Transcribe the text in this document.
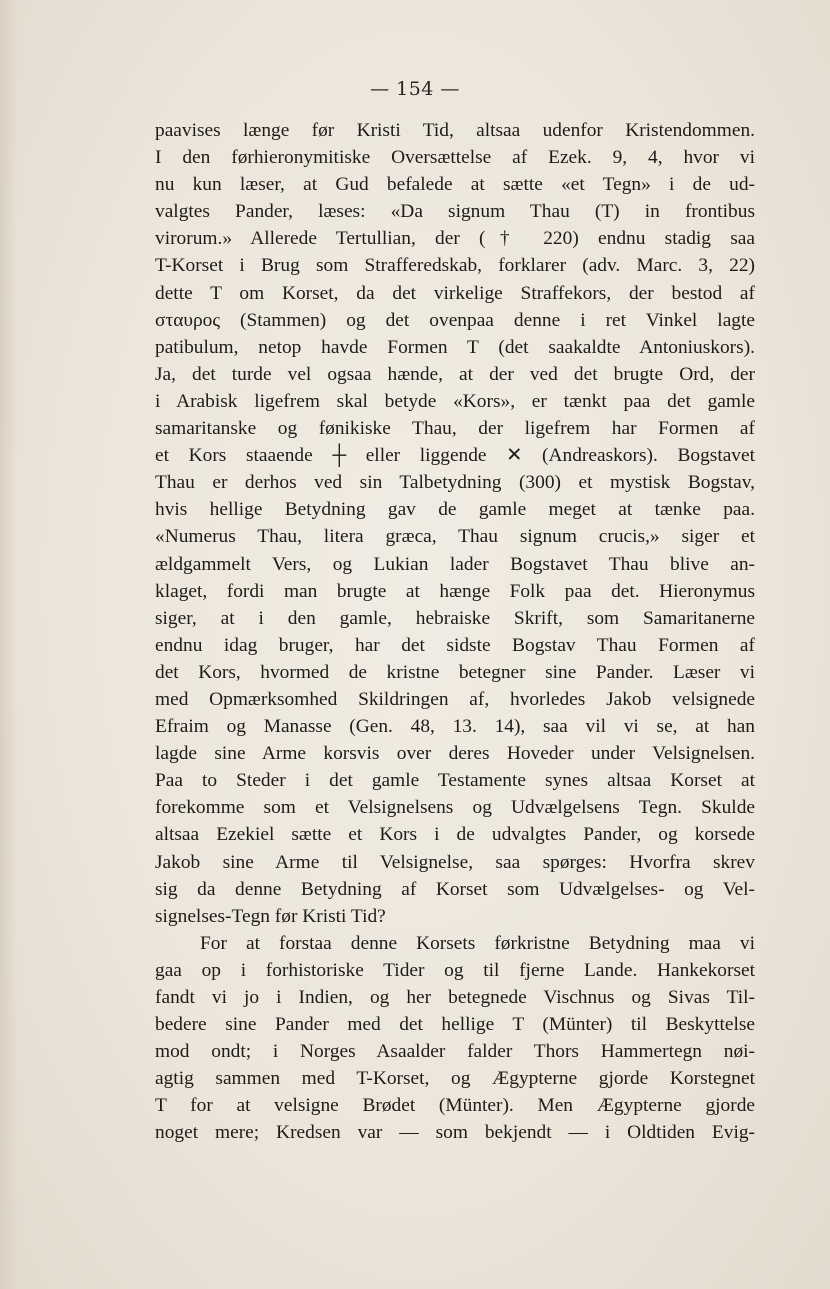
— 154 —
paavises længe før Kristi Tid, altsaa udenfor Kristendommen.
I den førhieronymitiske Oversættelse af Ezek. 9, 4, hvor vi
nu kun læser, at Gud befalede at sætte «et Tegn» i de ud-
valgtes Pander, læses: «Da signum Thau (T) in frontibus
virorum.» Allerede Tertullian, der († 220) endnu stadig saa
T-Korset i Brug som Strafferedskab, forklarer (adv. Marc. 3, 22)
dette T om Korset, da det virkelige Straffekors, der bestod af
σταυρος (Stammen) og det ovenpaa denne i ret Vinkel lagte
patibulum, netop havde Formen T (det saakaldte Antoniuskors).
Ja, det turde vel ogsaa hænde, at der ved det brugte Ord, der
i Arabisk ligefrem skal betyde «Kors», er tænkt paa det gamle
samaritanske og fønikiske Thau, der ligefrem har Formen af
et Kors staaende ┼ eller liggende ✕ (Andreaskors). Bogstavet
Thau er derhos ved sin Talbetydning (300) et mystisk Bogstav,
hvis hellige Betydning gav de gamle meget at tænke paa.
«Numerus Thau, litera græca, Thau signum crucis,» siger et
ældgammelt Vers, og Lukian lader Bogstavet Thau blive an-
klaget, fordi man brugte at hænge Folk paa det. Hieronymus
siger, at i den gamle, hebraiske Skrift, som Samaritanerne
endnu idag bruger, har det sidste Bogstav Thau Formen af
det Kors, hvormed de kristne betegner sine Pander. Læser vi
med Opmærksomhed Skildringen af, hvorledes Jakob velsignede
Efraim og Manasse (Gen. 48, 13. 14), saa vil vi se, at han
lagde sine Arme korsvis over deres Hoveder under Velsignelsen.
Paa to Steder i det gamle Testamente synes altsaa Korset at
forekomme som et Velsignelsens og Udvælgelsens Tegn. Skulde
altsaa Ezekiel sætte et Kors i de udvalgtes Pander, og korsede
Jakob sine Arme til Velsignelse, saa spørges: Hvorfra skrev
sig da denne Betydning af Korset som Udvælgelses- og Vel-
signelses-Tegn før Kristi Tid?
For at forstaa denne Korsets førkristne Betydning maa vi
gaa op i forhistoriske Tider og til fjerne Lande. Hankekorset
fandt vi jo i Indien, og her betegnede Vischnus og Sivas Til-
bedere sine Pander med det hellige T (Münter) til Beskyttelse
mod ondt; i Norges Asaalder falder Thors Hammertegn nøi-
agtig sammen med T-Korset, og Ægypterne gjorde Korstegnet
T for at velsigne Brødet (Münter). Men Ægypterne gjorde
noget mere; Kredsen var — som bekjendt — i Oldtiden Evig-
